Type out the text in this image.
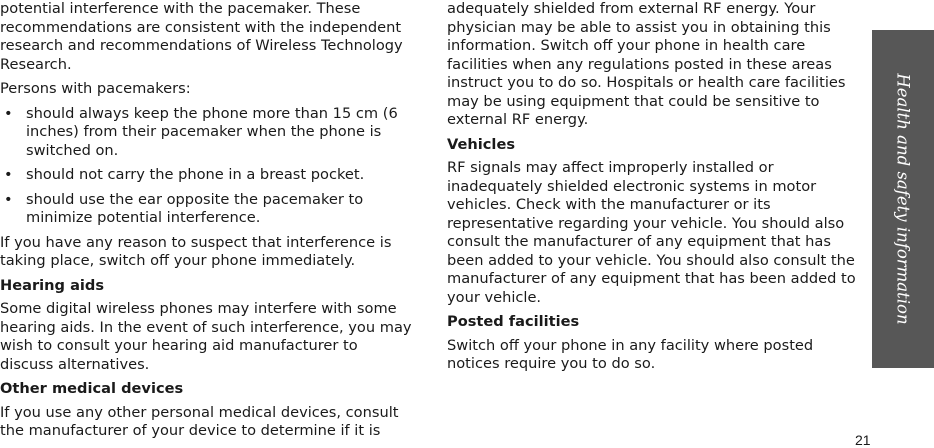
potential interference with the pacemaker. These recommendations are consistent with the independent research and recommendations of Wireless Technology Research.

Persons with pacemakers:

• should always keep the phone more than 15 cm (6 inches) from their pacemaker when the phone is switched on.
• should not carry the phone in a breast pocket.
• should use the ear opposite the pacemaker to minimize potential interference.

If you have any reason to suspect that interference is taking place, switch off your phone immediately.

Hearing aids

Some digital wireless phones may interfere with some hearing aids. In the event of such interference, you may wish to consult your hearing aid manufacturer to discuss alternatives.

Other medical devices

If you use any other personal medical devices, consult the manufacturer of your device to determine if it is

adequately shielded from external RF energy. Your physician may be able to assist you in obtaining this information. Switch off your phone in health care facilities when any regulations posted in these areas instruct you to do so. Hospitals or health care facilities may be using equipment that could be sensitive to external RF energy.

Vehicles

RF signals may affect improperly installed or inadequately shielded electronic systems in motor vehicles. Check with the manufacturer or its representative regarding your vehicle. You should also consult the manufacturer of any equipment that has been added to your vehicle. You should also consult the manufacturer of any equipment that has been added to your vehicle.

Posted facilities

Switch off your phone in any facility where posted notices require you to do so.

Health and safety information
21
